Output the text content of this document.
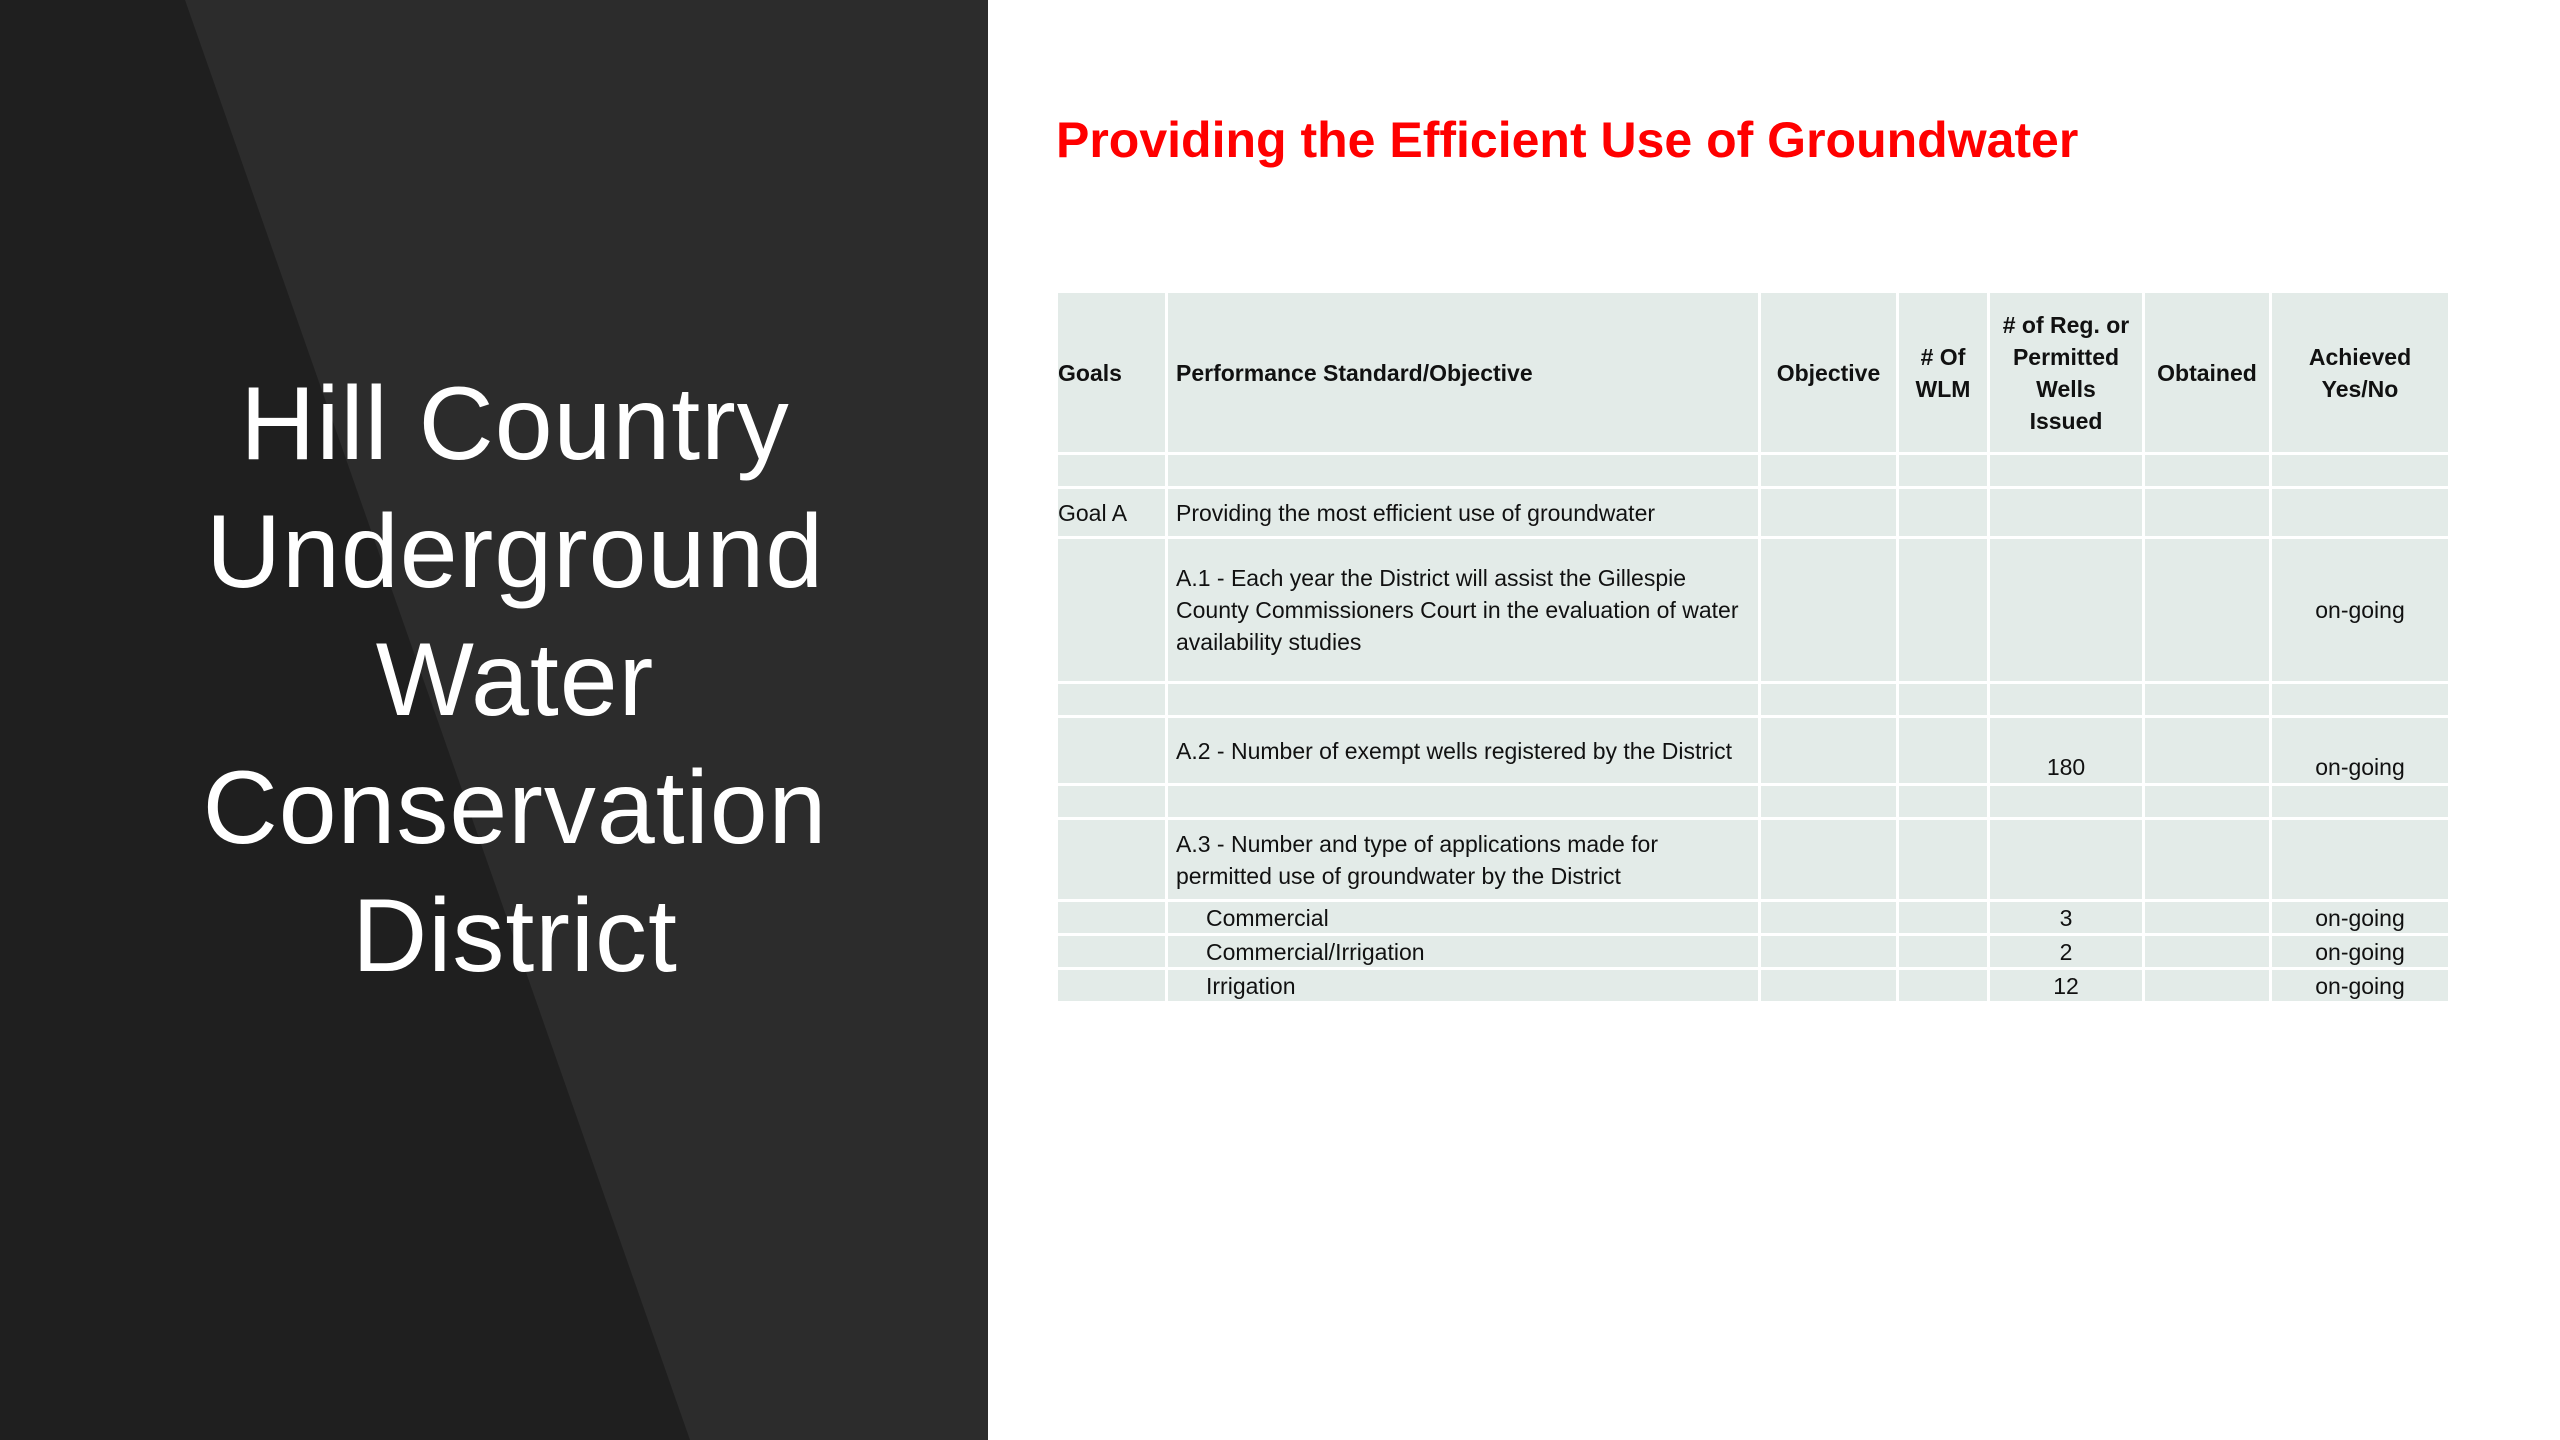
Hill Country
Underground
Water
Conservation
District
Providing the Efficient Use of Groundwater
Goals	Performance Standard/Objective	Objective	# Of WLM	# of Reg. or Permitted Wells Issued	Obtained	Achieved Yes/No

Goal A	Providing the most efficient use of groundwater					
	A.1 - Each year the District will assist the Gillespie County Commissioners Court in the evaluation of water availability studies					on-going

	A.2 - Number of exempt wells registered by the District			180		on-going

	A.3 - Number and type of applications made for permitted use of groundwater by the District					
	Commercial			3		on-going
	Commercial/Irrigation			2		on-going
	Irrigation			12		on-going
